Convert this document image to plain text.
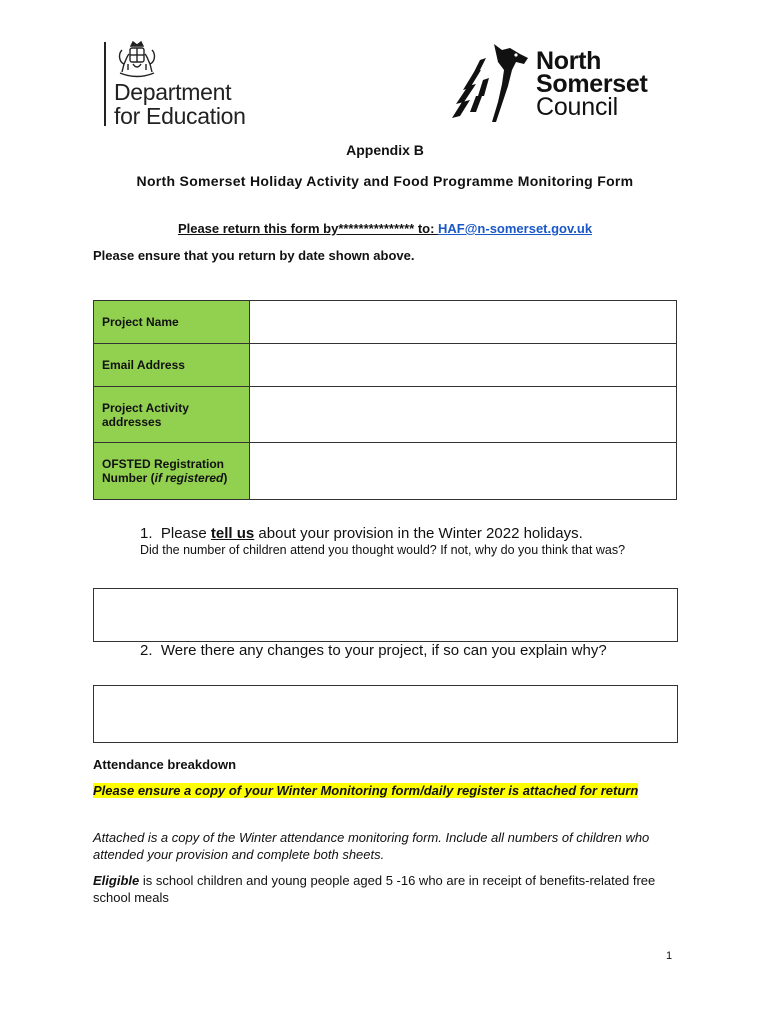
Department
for Education
North
Somerset
Council
Appendix B
North Somerset Holiday Activity and Food Programme Monitoring Form
Please return this form by*************** to: HAF@n-somerset.gov.uk
Please ensure that you return by date shown above.
Project Name	
Email Address	
Project Activity addresses	
OFSTED Registration Number (if registered)	
1. Please tell us about your provision in the Winter 2022 holidays.
Did the number of children attend you thought would? If not, why do you think that was?
2. Were there any changes to your project, if so can you explain why?
Attendance breakdown
Please ensure a copy of your Winter Monitoring form/daily register is attached for return
Attached is a copy of the Winter attendance monitoring form. Include all numbers of children who attended your provision and complete both sheets.
Eligible is school children and young people aged 5 -16 who are in receipt of benefits-related free school meals
1
